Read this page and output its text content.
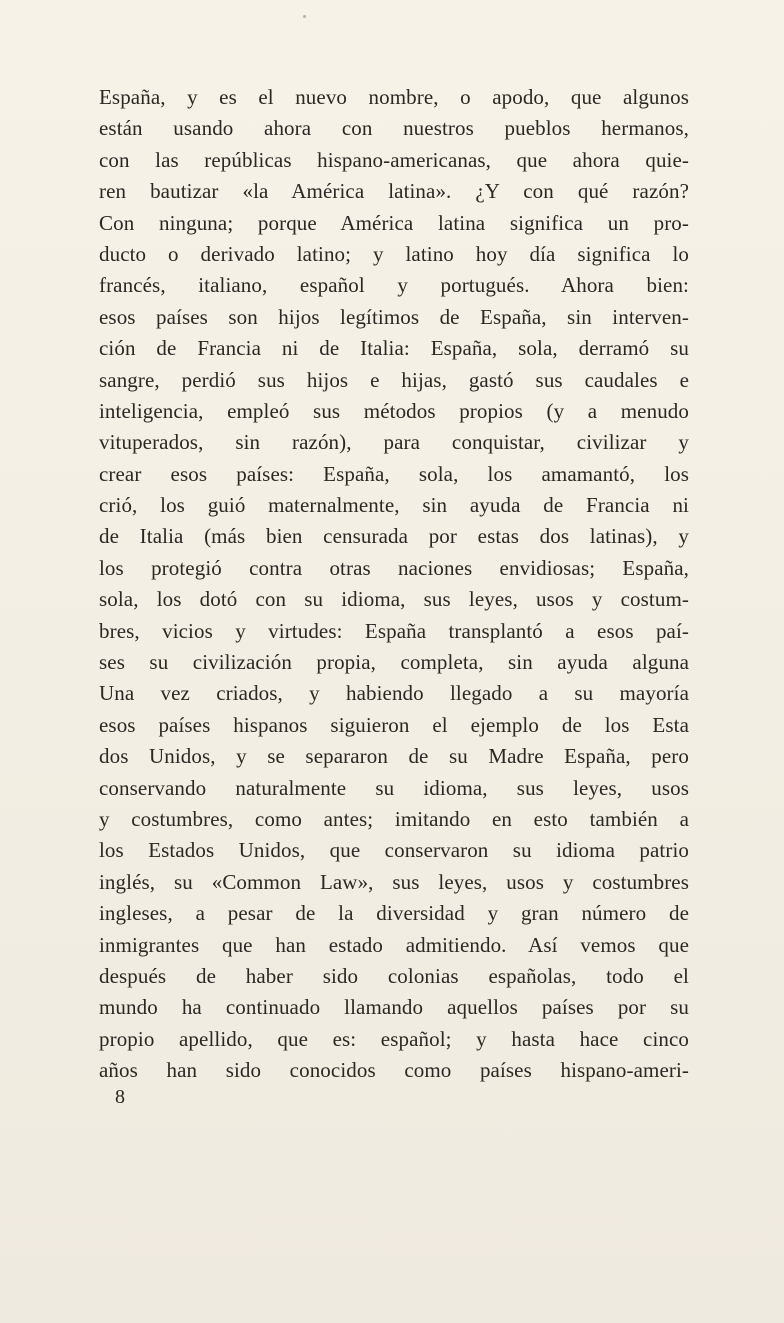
España, y es el nuevo nombre, o apodo, que algunos
están usando ahora con nuestros pueblos hermanos,
con las repúblicas hispano-americanas, que ahora quie-
ren bautizar «la América latina». ¿Y con qué razón?
Con ninguna; porque América latina significa un pro-
ducto o derivado latino; y latino hoy día significa lo
francés, italiano, español y portugués. Ahora bien:
esos países son hijos legítimos de España, sin interven-
ción de Francia ni de Italia: España, sola, derramó su
sangre, perdió sus hijos e hijas, gastó sus caudales e
inteligencia, empleó sus métodos propios (y a menudo
vituperados, sin razón), para conquistar, civilizar y
crear esos países: España, sola, los amamantó, los
crió, los guió maternalmente, sin ayuda de Francia ni
de Italia (más bien censurada por estas dos latinas), y
los protegió contra otras naciones envidiosas; España,
sola, los dotó con su idioma, sus leyes, usos y costum-
bres, vicios y virtudes: España transplantó a esos paí-
ses su civilización propia, completa, sin ayuda alguna
Una vez criados, y habiendo llegado a su mayoría
esos países hispanos siguieron el ejemplo de los Esta
dos Unidos, y se separaron de su Madre España, pero
conservando naturalmente su idioma, sus leyes, usos
y costumbres, como antes; imitando en esto también a
los Estados Unidos, que conservaron su idioma patrio
inglés, su «Common Law», sus leyes, usos y costumbres
ingleses, a pesar de la diversidad y gran número de
inmigrantes que han estado admitiendo. Así vemos que
después de haber sido colonias españolas, todo el
mundo ha continuado llamando aquellos países por su
propio apellido, que es: español; y hasta hace cinco
años han sido conocidos como países hispano-ameri-
8
